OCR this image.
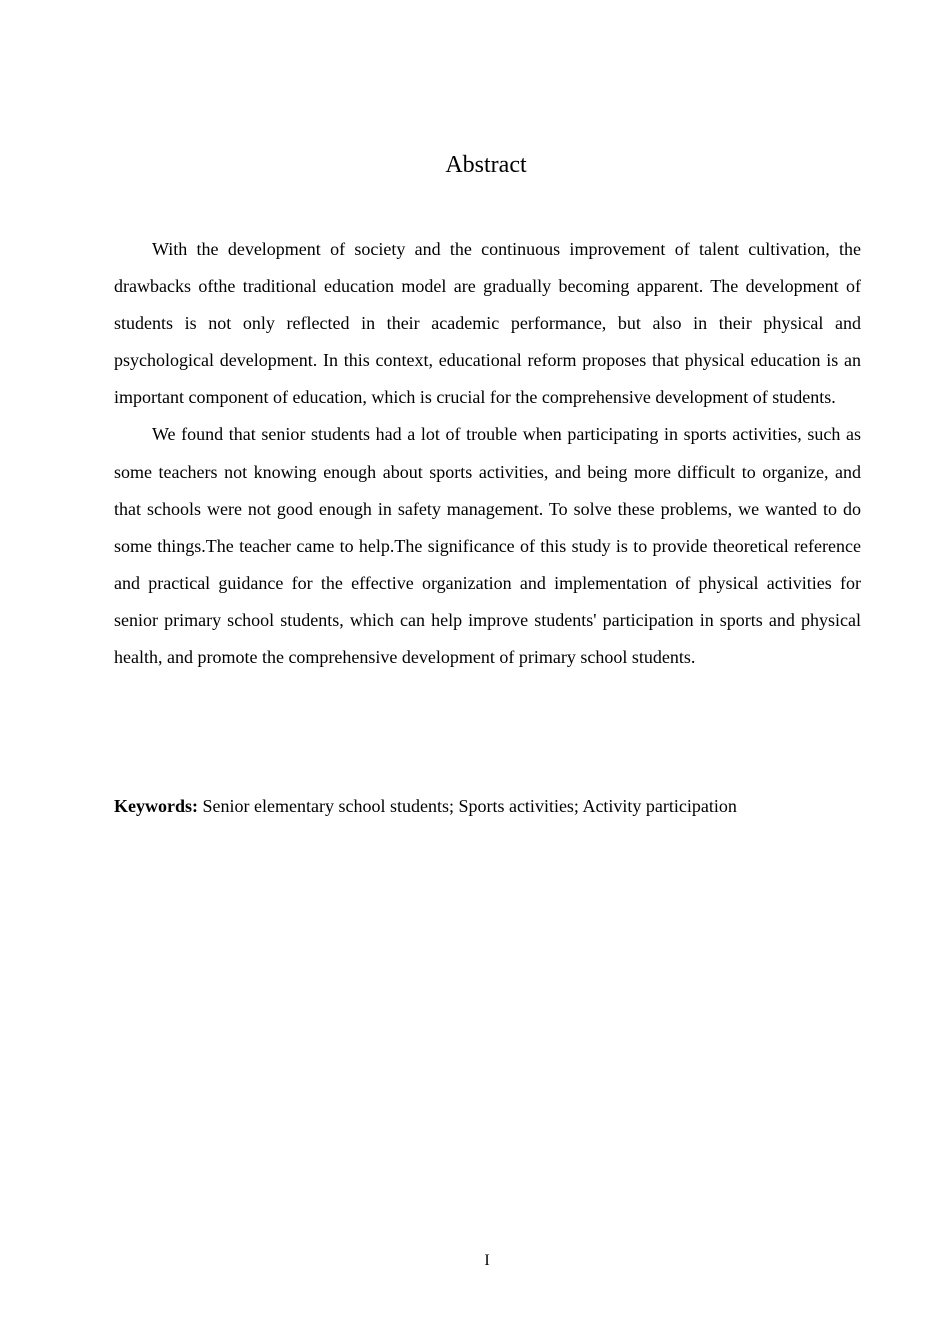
Abstract

With the development of society and the continuous improvement of talent cultivation, the drawbacks ofthe traditional education model are gradually becoming apparent. The development of students is not only reflected in their academic performance, but also in their physical and psychological development. In this context, educational reform proposes that physical education is an important component of education, which is crucial for the comprehensive development of students.

We found that senior students had a lot of trouble when participating in sports activities, such as some teachers not knowing enough about sports activities, and being more difficult to organize, and that schools were not good enough in safety management. To solve these problems, we wanted to do some things.The teacher came to help.The significance of this study is to provide theoretical reference and practical guidance for the effective organization and implementation of physical activities for senior primary school students, which can help improve students' participation in sports and physical health, and promote the comprehensive development of primary school students.

Keywords: Senior elementary school students; Sports activities; Activity participation

I
